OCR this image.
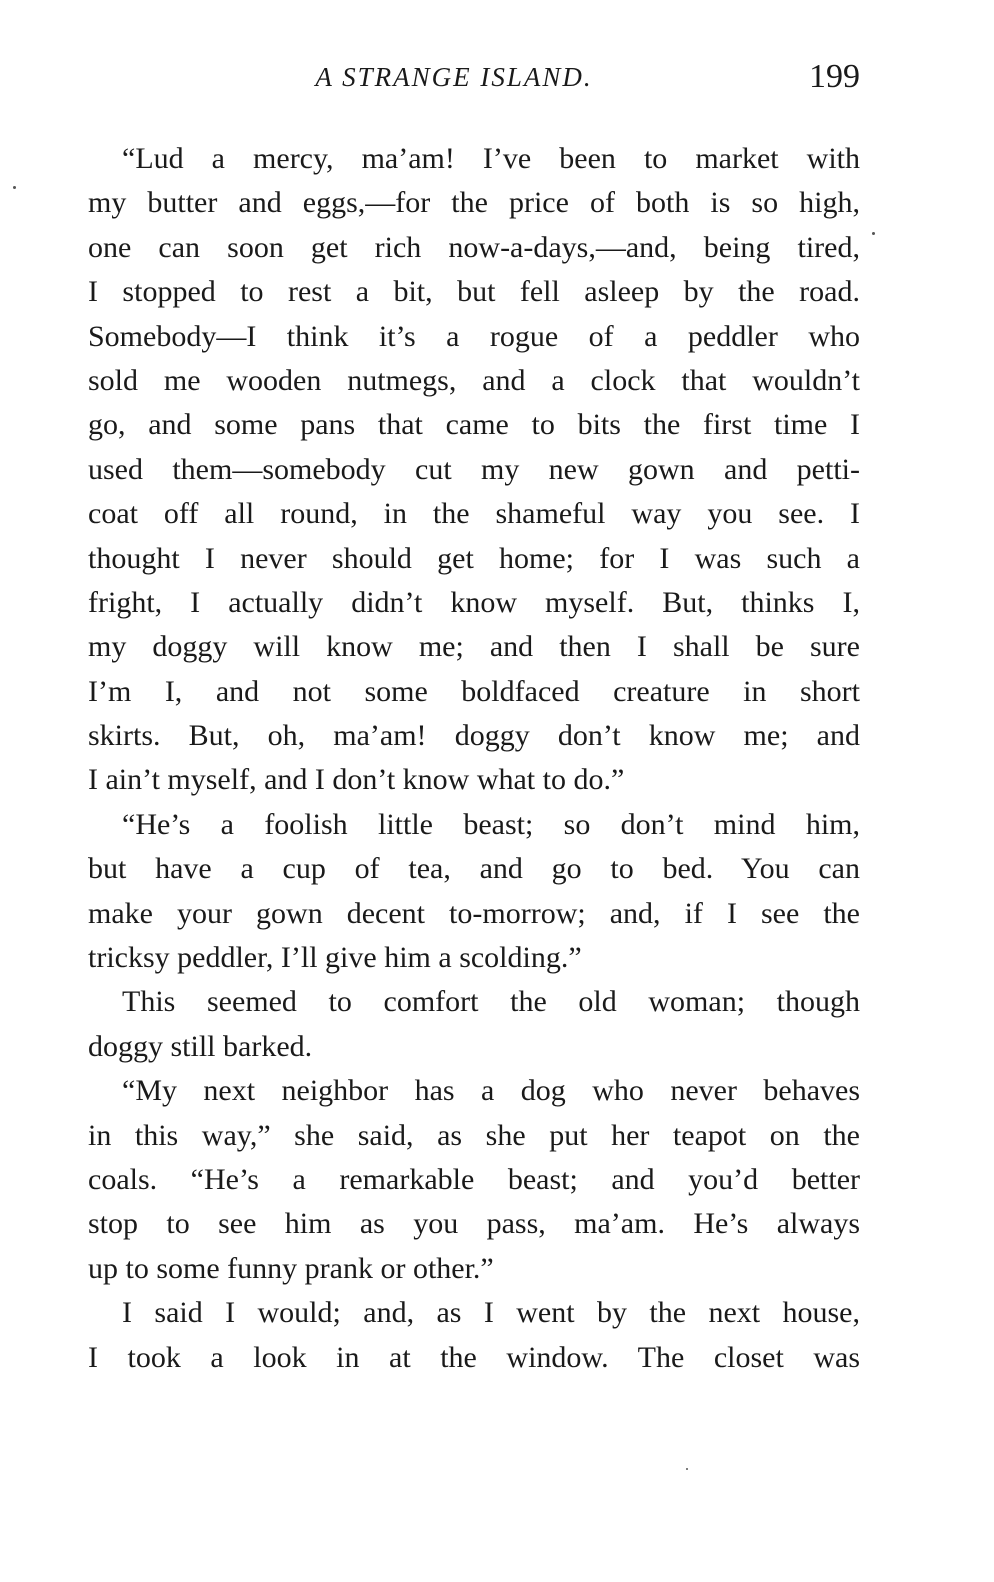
A STRANGE ISLAND.	199
“Lud a mercy, ma’am! I’ve been to market with
my butter and eggs,—for the price of both is so high,
one can soon get rich now-a-days,—and, being tired,
I stopped to rest a bit, but fell asleep by the road.
Somebody—I think it’s a rogue of a peddler who
sold me wooden nutmegs, and a clock that wouldn’t
go, and some pans that came to bits the first time I
used them—somebody cut my new gown and petti-
coat off all round, in the shameful way you see. I
thought I never should get home; for I was such a
fright, I actually didn’t know myself. But, thinks I,
my doggy will know me; and then I shall be sure
I’m I, and not some boldfaced creature in short
skirts. But, oh, ma’am! doggy don’t know me; and
I ain’t myself, and I don’t know what to do.”
“He’s a foolish little beast; so don’t mind him,
but have a cup of tea, and go to bed. You can
make your gown decent to-morrow; and, if I see the
tricksy peddler, I’ll give him a scolding.”
This seemed to comfort the old woman; though
doggy still barked.
“My next neighbor has a dog who never behaves
in this way,” she said, as she put her teapot on the
coals. “He’s a remarkable beast; and you’d better
stop to see him as you pass, ma’am. He’s always
up to some funny prank or other.”
I said I would; and, as I went by the next house,
I took a look in at the window. The closet was
